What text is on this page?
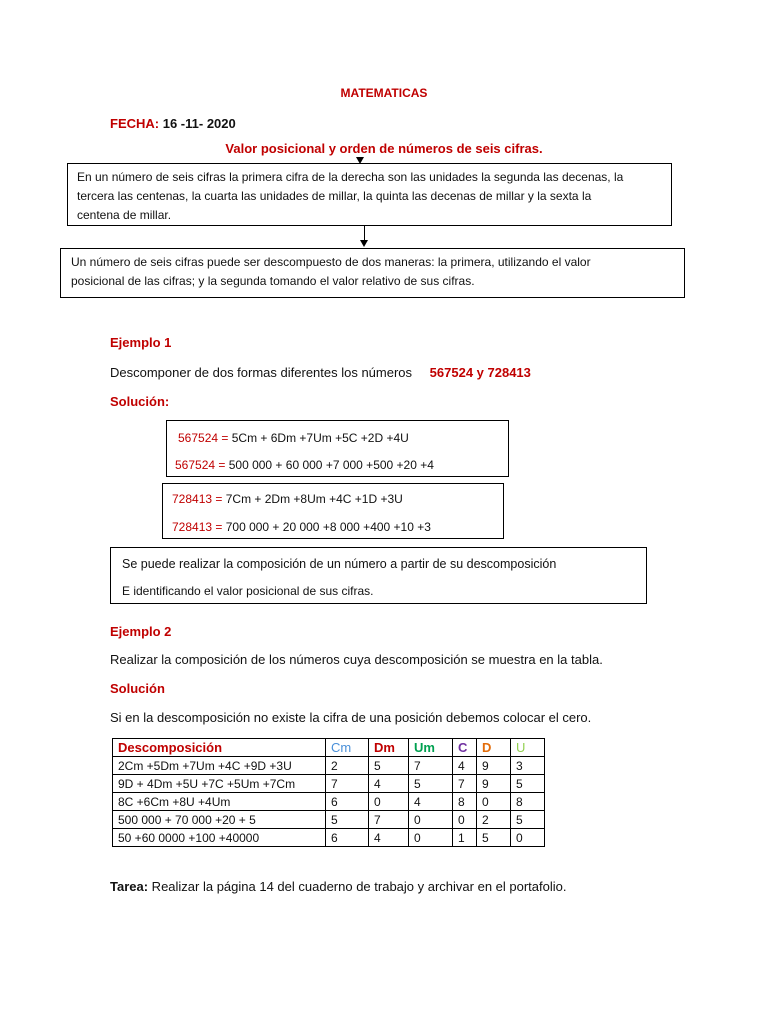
MATEMATICAS
FECHA: 16 -11- 2020
Valor posicional y orden de números de seis cifras.
En un número de seis cifras la primera cifra de la derecha son las unidades la segunda las decenas, la
tercera las centenas, la cuarta las unidades de millar, la quinta las decenas de millar y la sexta la
centena de millar.
Un número de seis cifras puede ser descompuesto de dos maneras: la primera, utilizando el valor
posicional de las cifras; y la segunda tomando el valor relativo de sus cifras.
Ejemplo 1
Descomponer de dos formas diferentes los números 567524 y 728413
Solución:
567524 = 5Cm + 6Dm +7Um +5C +2D +4U
567524 = 500 000 + 60 000 +7 000 +500 +20 +4
728413 = 7Cm + 2Dm +8Um +4C +1D +3U
728413 = 700 000 + 20 000 +8 000 +400 +10 +3
Se puede realizar la composición de un número a partir de su descomposición
E identificando el valor posicional de sus cifras.
Ejemplo 2
Realizar la composición de los números cuya descomposición se muestra en la tabla.
Solución
Si en la descomposición no existe la cifra de una posición debemos colocar el cero.
Descomposición	Cm	Dm	Um	C	D	U
2Cm +5Dm +7Um +4C +9D +3U	2	5	7	4	9	3
9D + 4Dm +5U +7C +5Um +7Cm	7	4	5	7	9	5
8C +6Cm +8U +4Um	6	0	4	8	0	8
500 000 + 70 000 +20 + 5	5	7	0	0	2	5
50 +60 0000 +100 +40000	6	4	0	1	5	0
Tarea: Realizar la página 14 del cuaderno de trabajo y archivar en el portafolio.
